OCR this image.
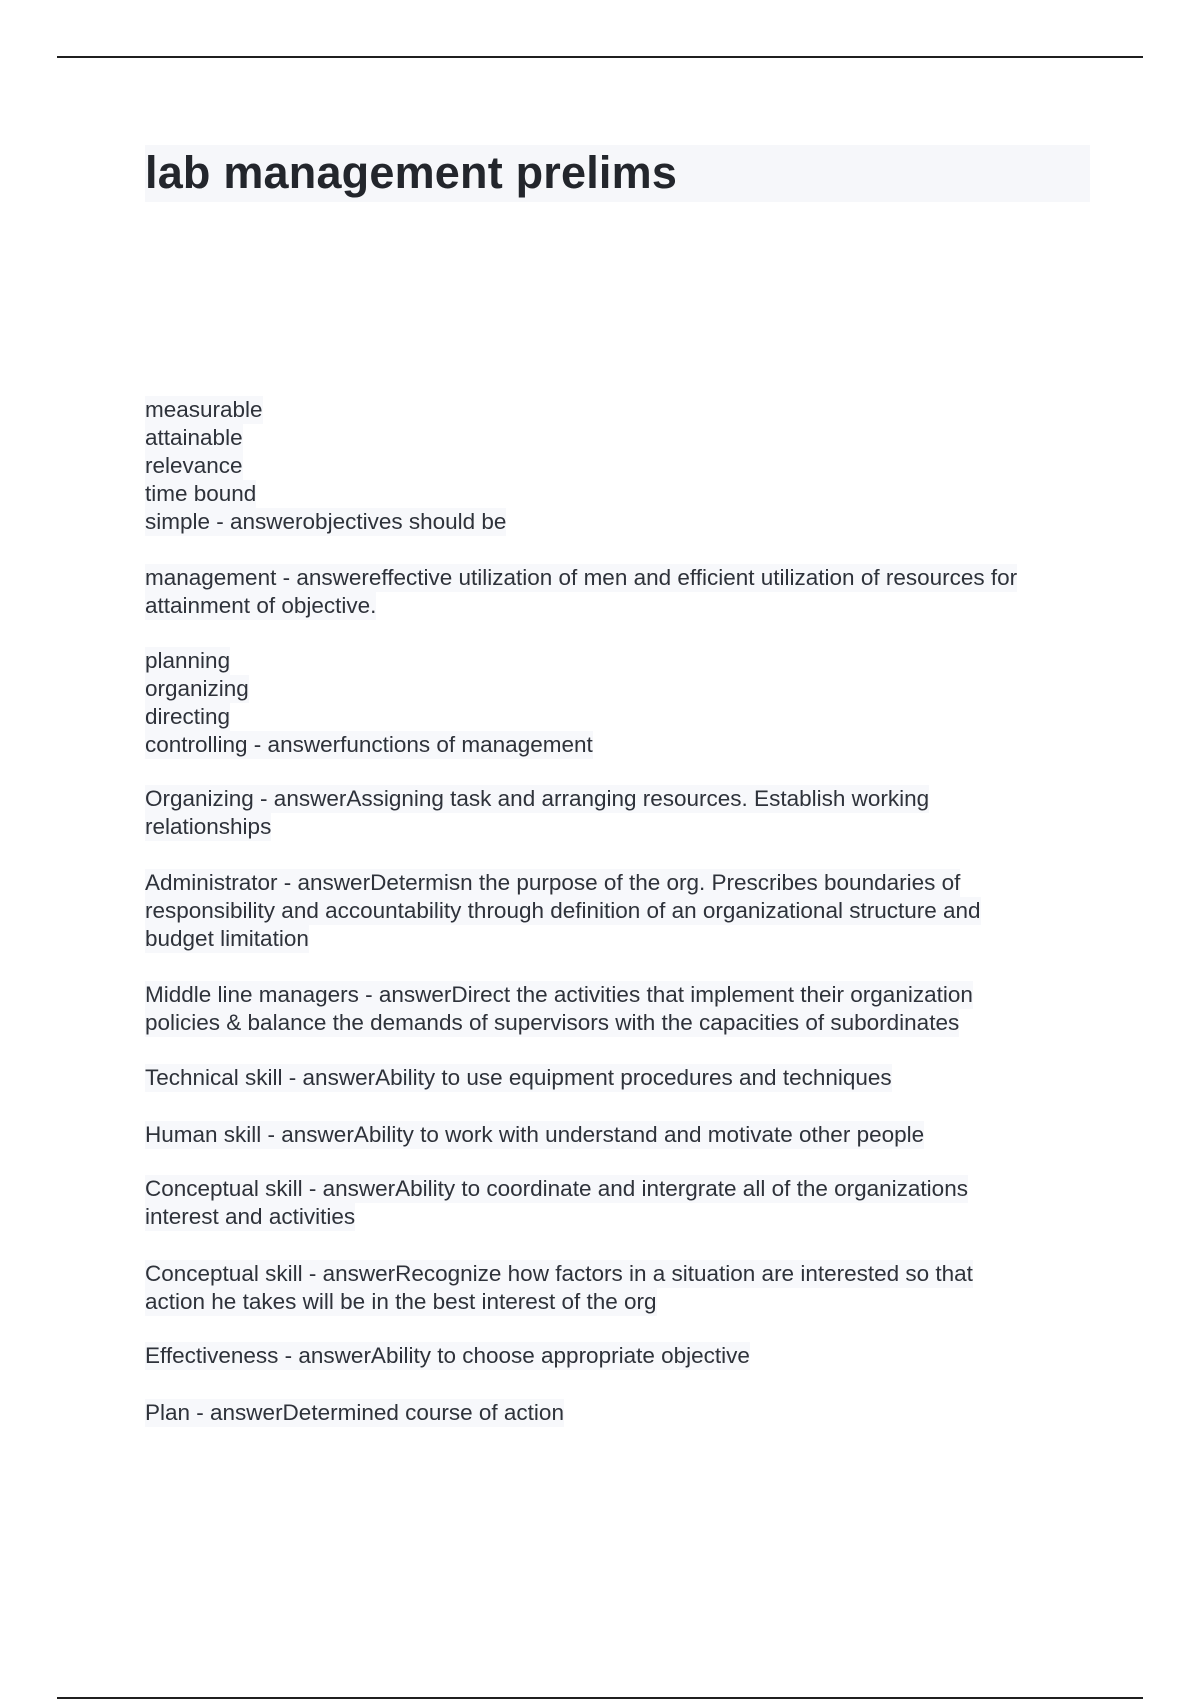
lab management prelims
measurable
attainable
relevance
time bound
simple - answerobjectives should be
management - answereffective utilization of men and efficient utilization of resources for
attainment of objective.
planning
organizing
directing
controlling - answerfunctions of management
Organizing - answerAssigning task and arranging resources. Establish working
relationships
Administrator - answerDetermisn the purpose of the org. Prescribes boundaries of
responsibility and accountability through definition of an organizational structure and
budget limitation
Middle line managers - answerDirect the activities that implement their organization
policies & balance the demands of supervisors with the capacities of subordinates
Technical skill - answerAbility to use equipment procedures and techniques
Human skill - answerAbility to work with understand and motivate other people
Conceptual skill - answerAbility to coordinate and intergrate all of the organizations
interest and activities
Conceptual skill - answerRecognize how factors in a situation are interested so that
action he takes will be in the best interest of the org
Effectiveness - answerAbility to choose appropriate objective
Plan - answerDetermined course of action
